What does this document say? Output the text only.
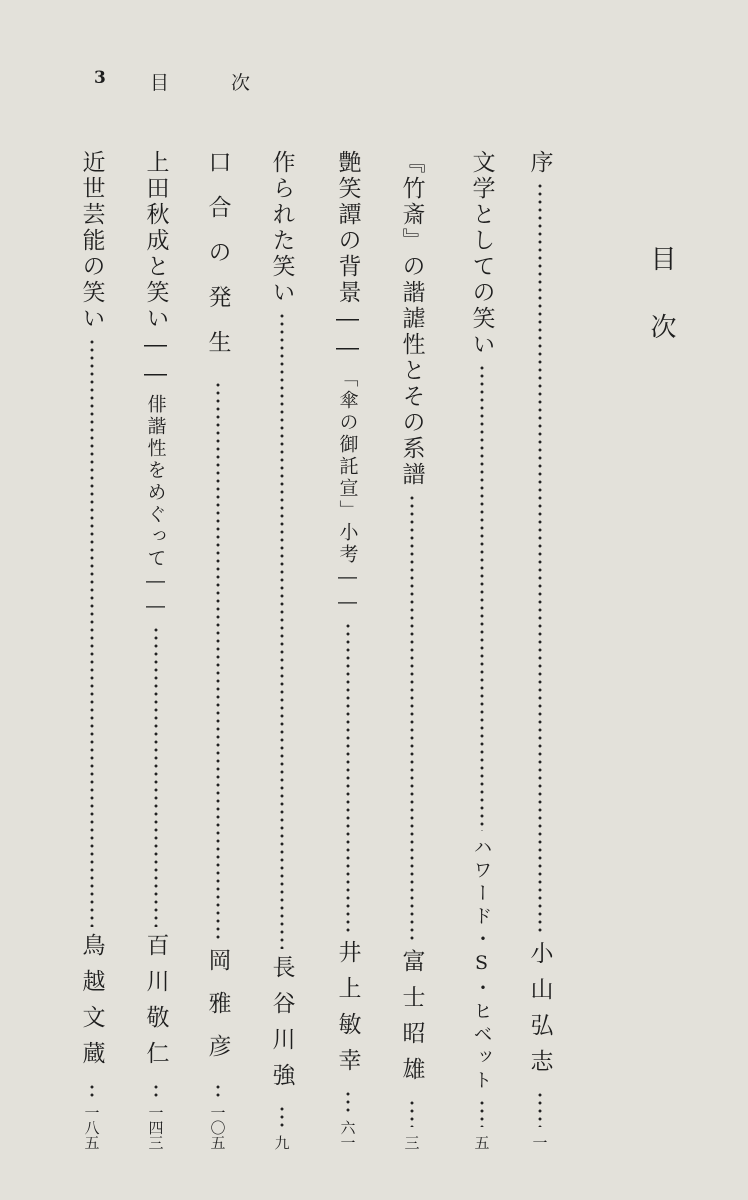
3 目次
目次
序
小山弘志
一
文学としての笑い
ハワード・S・ヒベット
五
『竹斎』の諧謔性とその系譜
富士昭雄
三
艶笑譚の背景――
「傘の御託宣」小考――
井上敏幸
六一
作られた笑い
長谷川強
九
口合の発生
岡雅彦
一〇五
上田秋成と笑い――
俳諧性をめぐって――
百川敬仁
一四三
近世芸能の笑い
鳥越文蔵
一八五
